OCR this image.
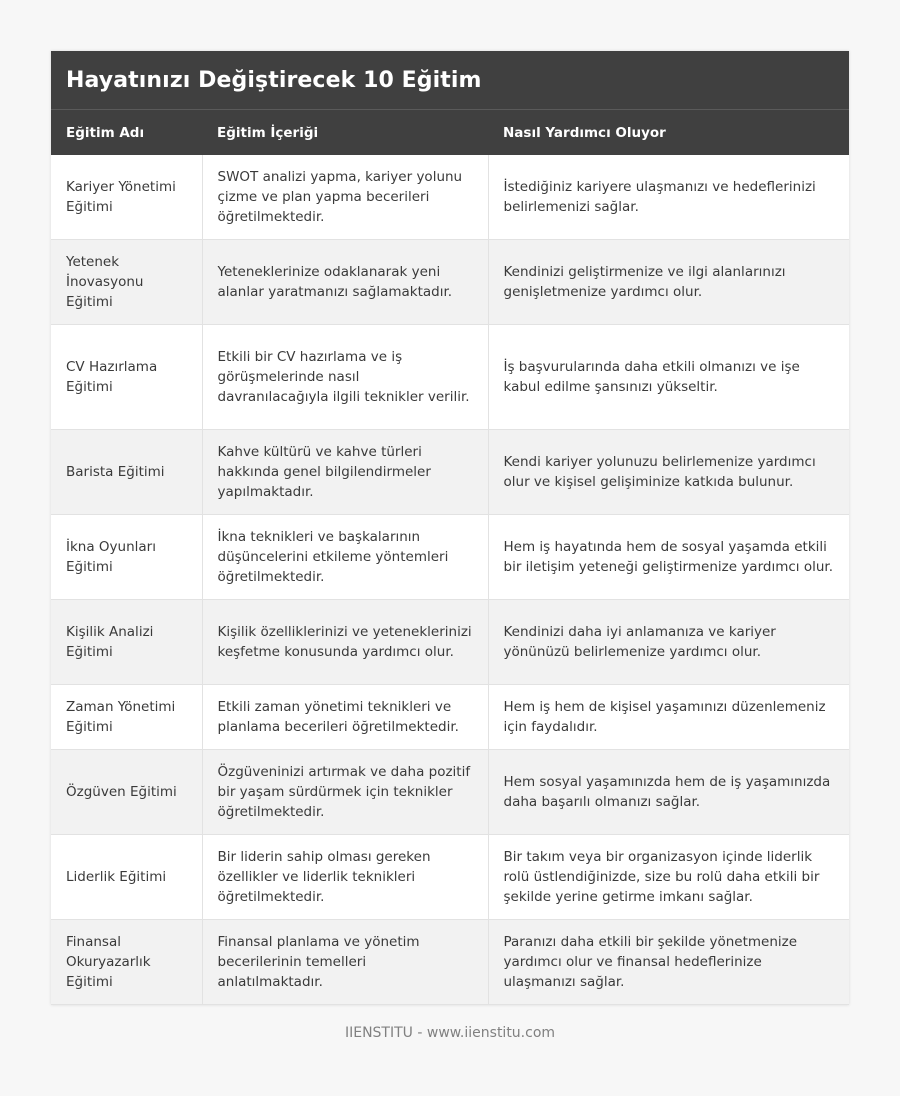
Hayatınızı Değiştirecek 10 Eğitim
Eğitim Adı	Eğitim İçeriği	Nasıl Yardımcı Oluyor
Kariyer Yönetimi Eğitimi	SWOT analizi yapma, kariyer yolunu çizme ve plan yapma becerileri öğretilmektedir.	İstediğiniz kariyere ulaşmanızı ve hedeflerinizi belirlemenizi sağlar.
Yetenek İnovasyonu Eğitimi	Yeteneklerinize odaklanarak yeni alanlar yaratmanızı sağlamaktadır.	Kendinizi geliştirmenize ve ilgi alanlarınızı genişletmenize yardımcı olur.
CV Hazırlama Eğitimi	Etkili bir CV hazırlama ve iş görüşmelerinde nasıl davranılacağıyla ilgili teknikler verilir.	İş başvurularında daha etkili olmanızı ve işe kabul edilme şansınızı yükseltir.
Barista Eğitimi	Kahve kültürü ve kahve türleri hakkında genel bilgilendirmeler yapılmaktadır.	Kendi kariyer yolunuzu belirlemenize yardımcı olur ve kişisel gelişiminize katkıda bulunur.
İkna Oyunları Eğitimi	İkna teknikleri ve başkalarının düşüncelerini etkileme yöntemleri öğretilmektedir.	Hem iş hayatında hem de sosyal yaşamda etkili bir iletişim yeteneği geliştirmenize yardımcı olur.
Kişilik Analizi Eğitimi	Kişilik özelliklerinizi ve yeteneklerinizi keşfetme konusunda yardımcı olur.	Kendinizi daha iyi anlamanıza ve kariyer yönünüzü belirlemenize yardımcı olur.
Zaman Yönetimi Eğitimi	Etkili zaman yönetimi teknikleri ve planlama becerileri öğretilmektedir.	Hem iş hem de kişisel yaşamınızı düzenlemeniz için faydalıdır.
Özgüven Eğitimi	Özgüveninizi artırmak ve daha pozitif bir yaşam sürdürmek için teknikler öğretilmektedir.	Hem sosyal yaşamınızda hem de iş yaşamınızda daha başarılı olmanızı sağlar.
Liderlik Eğitimi	Bir liderin sahip olması gereken özellikler ve liderlik teknikleri öğretilmektedir.	Bir takım veya bir organizasyon içinde liderlik rolü üstlendiğinizde, size bu rolü daha etkili bir şekilde yerine getirme imkanı sağlar.
Finansal Okuryazarlık Eğitimi	Finansal planlama ve yönetim becerilerinin temelleri anlatılmaktadır.	Paranızı daha etkili bir şekilde yönetmenize yardımcı olur ve finansal hedeflerinize ulaşmanızı sağlar.
IIENSTITU - www.iienstitu.com
